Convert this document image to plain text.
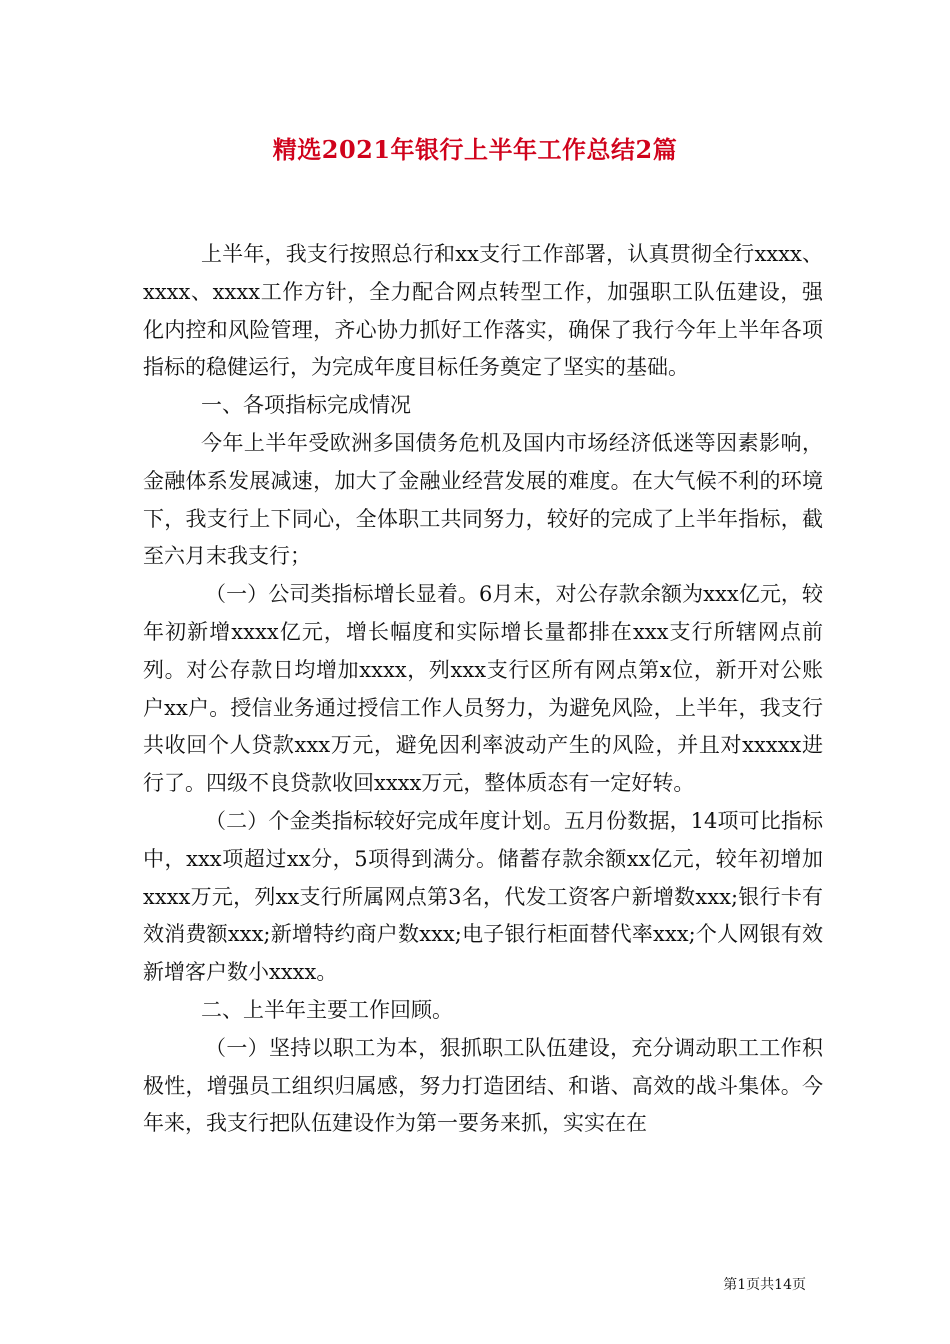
精选2021年银行上半年工作总结2篇

上半年，我支行按照总行和xx支行工作部署，认真贯彻全行xxxx、xxxx、xxxx工作方针，全力配合网点转型工作，加强职工队伍建设，强化内控和风险管理，齐心协力抓好工作落实，确保了我行今年上半年各项指标的稳健运行，为完成年度目标任务奠定了坚实的基础。

一、各项指标完成情况

今年上半年受欧洲多国债务危机及国内市场经济低迷等因素影响，金融体系发展减速，加大了金融业经营发展的难度。在大气候不利的环境下，我支行上下同心，全体职工共同努力，较好的完成了上半年指标，截至六月末我支行；

（一）公司类指标增长显着。6月末，对公存款余额为xxx亿元，较年初新增xxxx亿元，增长幅度和实际增长量都排在xxx支行所辖网点前列。对公存款日均增加xxxx，列xxx支行区所有网点第x位，新开对公账户xx户。授信业务通过授信工作人员努力，为避免风险，上半年，我支行共收回个人贷款xxx万元，避免因利率波动产生的风险，并且对xxxxx进行了。四级不良贷款收回xxxx万元，整体质态有一定好转。

（二）个金类指标较好完成年度计划。五月份数据，14项可比指标中，xxx项超过xx分，5项得到满分。储蓄存款余额xx亿元，较年初增加xxxx万元，列xx支行所属网点第3名，代发工资客户新增数xxx;银行卡有效消费额xxx;新增特约商户数xxx;电子银行柜面替代率xxx;个人网银有效新增客户数小xxxx。

二、上半年主要工作回顾。

（一）坚持以职工为本，狠抓职工队伍建设，充分调动职工工作积极性，增强员工组织归属感，努力打造团结、和谐、高效的战斗集体。今年来，我支行把队伍建设作为第一要务来抓，实实在在

第1页共14页
